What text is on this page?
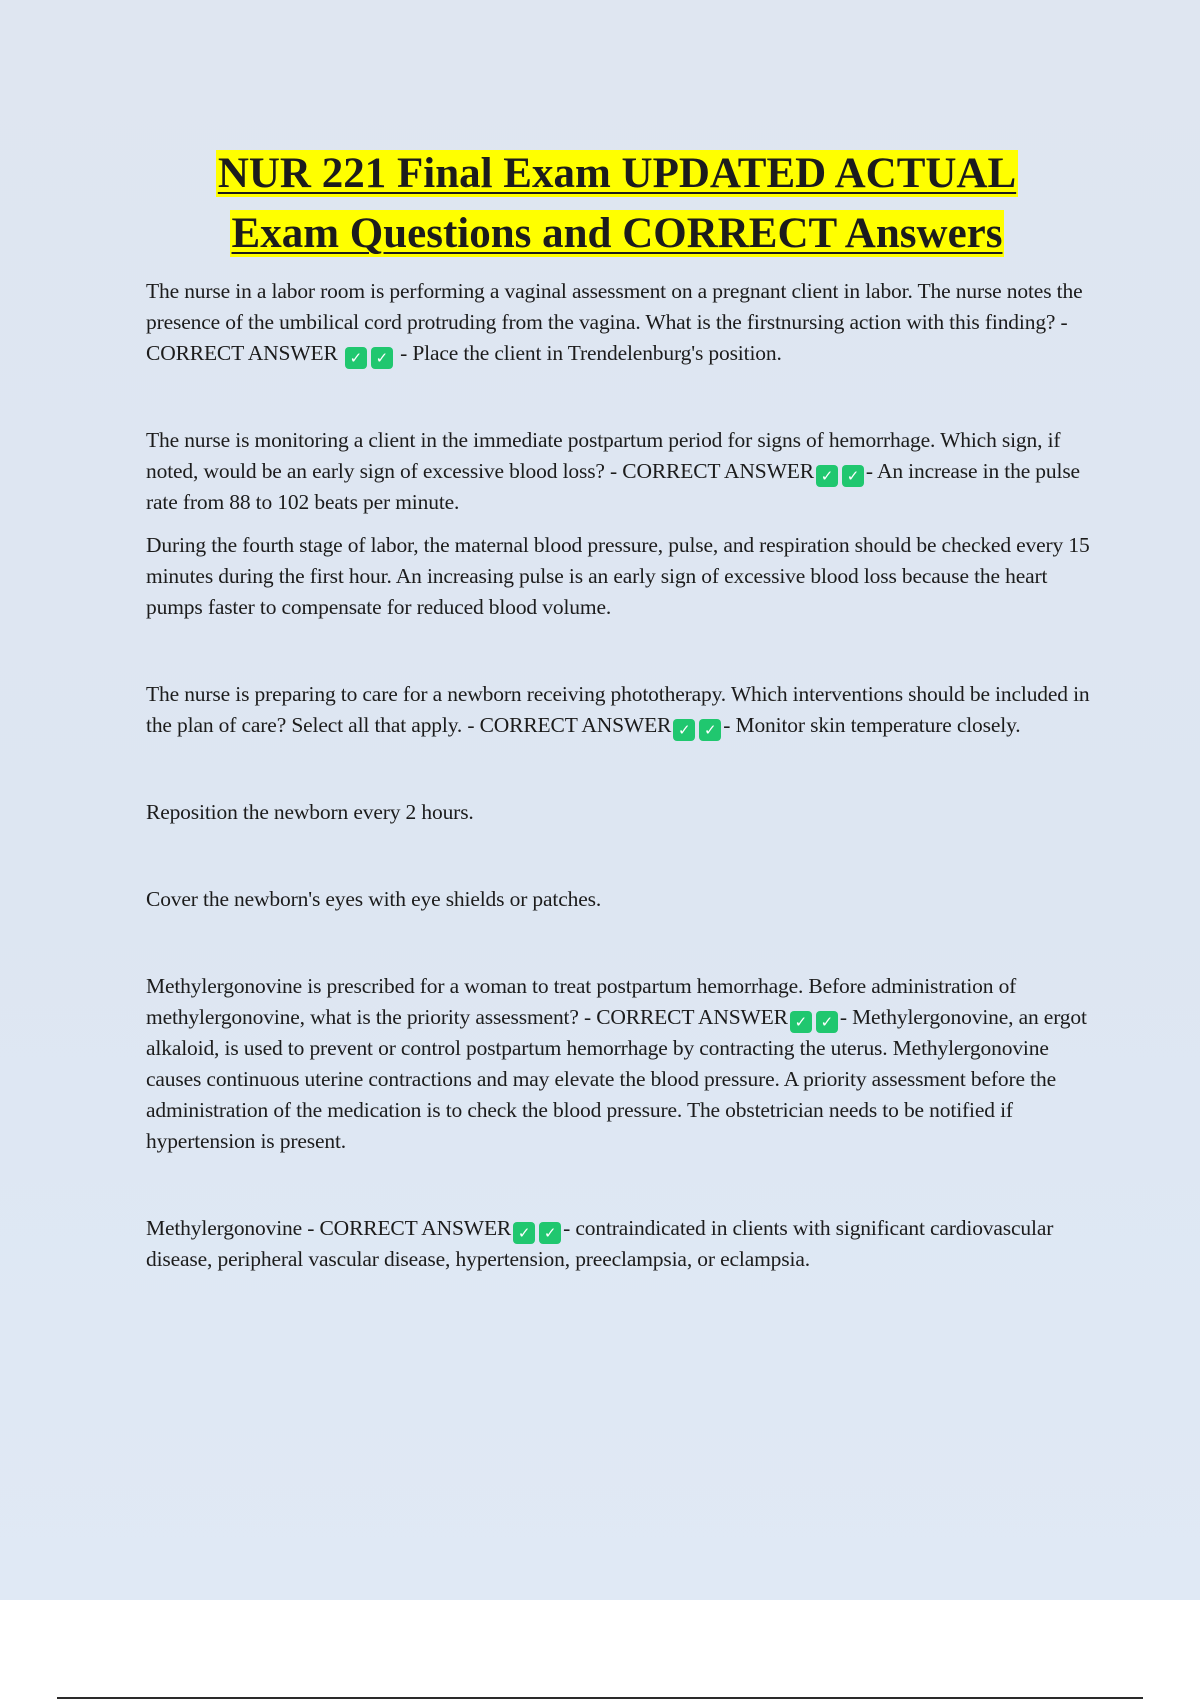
NUR 221 Final Exam UPDATED ACTUAL
Exam Questions and CORRECT Answers

The nurse in a labor room is performing a vaginal assessment on a pregnant client in labor. The nurse notes the presence of the umbilical cord protruding from the vagina. What is the firstnursing action with this finding? - CORRECT ANSWER ✓ ✓ - Place the client in Trendelenburg's position.

The nurse is monitoring a client in the immediate postpartum period for signs of hemorrhage. Which sign, if noted, would be an early sign of excessive blood loss? - CORRECT ANSWER ✓ ✓ - An increase in the pulse rate from 88 to 102 beats per minute.

During the fourth stage of labor, the maternal blood pressure, pulse, and respiration should be checked every 15 minutes during the first hour. An increasing pulse is an early sign of excessive blood loss because the heart pumps faster to compensate for reduced blood volume.

The nurse is preparing to care for a newborn receiving phototherapy. Which interventions should be included in the plan of care? Select all that apply. - CORRECT ANSWER ✓ ✓ - Monitor skin temperature closely.

Reposition the newborn every 2 hours.

Cover the newborn's eyes with eye shields or patches.

Methylergonovine is prescribed for a woman to treat postpartum hemorrhage. Before administration of methylergonovine, what is the priority assessment? - CORRECT ANSWER ✓ ✓ - Methylergonovine, an ergot alkaloid, is used to prevent or control postpartum hemorrhage by contracting the uterus. Methylergonovine causes continuous uterine contractions and may elevate the blood pressure. A priority assessment before the administration of the medication is to check the blood pressure. The obstetrician needs to be notified if hypertension is present.

Methylergonovine - CORRECT ANSWER ✓ ✓ - contraindicated in clients with significant cardiovascular disease, peripheral vascular disease, hypertension, preeclampsia, or eclampsia.
